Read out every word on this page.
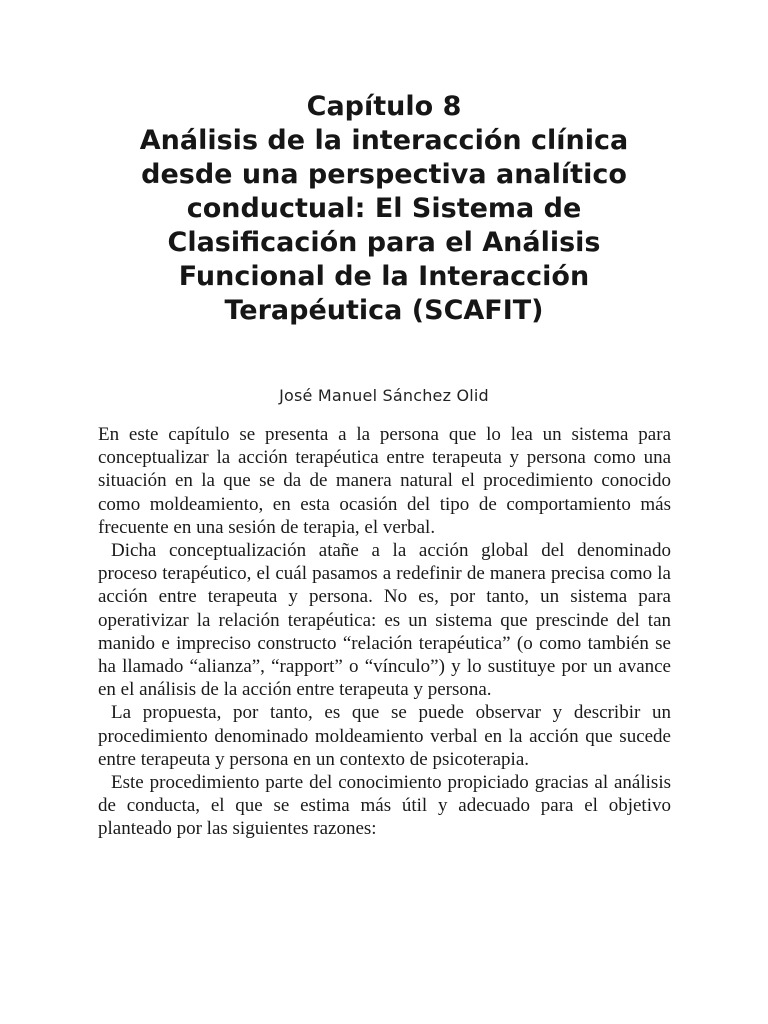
Capítulo 8
Análisis de la interacción clínica
desde una perspectiva analítico
conductual: El Sistema de
Clasificación para el Análisis
Funcional de la Interacción
Terapéutica (SCAFIT)
José Manuel Sánchez Olid

En este capítulo se presenta a la persona que lo lea un sistema para conceptualizar la acción terapéutica entre terapeuta y persona como una situación en la que se da de manera natural el procedimiento conocido como moldeamiento, en esta ocasión del tipo de comportamiento más frecuente en una sesión de terapia, el verbal.

Dicha conceptualización atañe a la acción global del denominado proceso terapéutico, el cuál pasamos a redefinir de manera precisa como la acción entre terapeuta y persona. No es, por tanto, un sistema para operativizar la relación terapéutica: es un sistema que prescinde del tan manido e impreciso constructo “relación terapéutica” (o como también se ha llamado “alianza”, “rapport” o “vínculo”) y lo sustituye por un avance en el análisis de la acción entre terapeuta y persona.

La propuesta, por tanto, es que se puede observar y describir un procedimiento denominado moldeamiento verbal en la acción que sucede entre terapeuta y persona en un contexto de psicoterapia.

Este procedimiento parte del conocimiento propiciado gracias al análisis de conducta, el que se estima más útil y adecuado para el objetivo planteado por las siguientes razones:
